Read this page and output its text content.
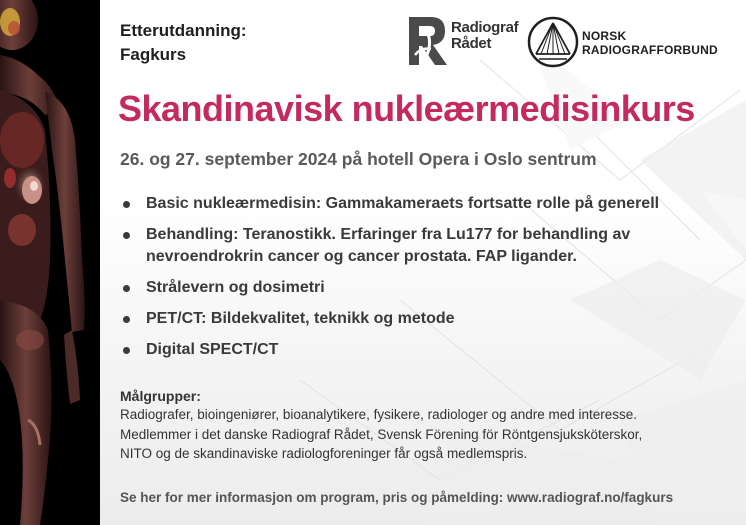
Etterutdanning:
Fagkurs
Radiograf
Rådet	NORSK
RADIOGRAFFORBUND
Skandinavisk nukleærmedisinkurs
26. og 27. september 2024 på hotell Opera i Oslo sentrum
Basic nukleærmedisin: Gammakameraets fortsatte rolle på generell
Behandling: Teranostikk. Erfaringer fra Lu177 for behandling av
nevroendrokrin cancer og cancer prostata. FAP ligander.
Strålevern og dosimetri
PET/CT: Bildekvalitet, teknikk og metode
Digital SPECT/CT
Målgrupper:
Radiografer, bioingeniører, bioanalytikere, fysikere, radiologer og andre med interesse.
Medlemmer i det danske Radiograf Rådet, Svensk Förening för Röntgensjuksköterskor,
NITO og de skandinaviske radiologforeninger får også medlemspris.
Se her for mer informasjon om program, pris og påmelding: www.radiograf.no/fagkurs
